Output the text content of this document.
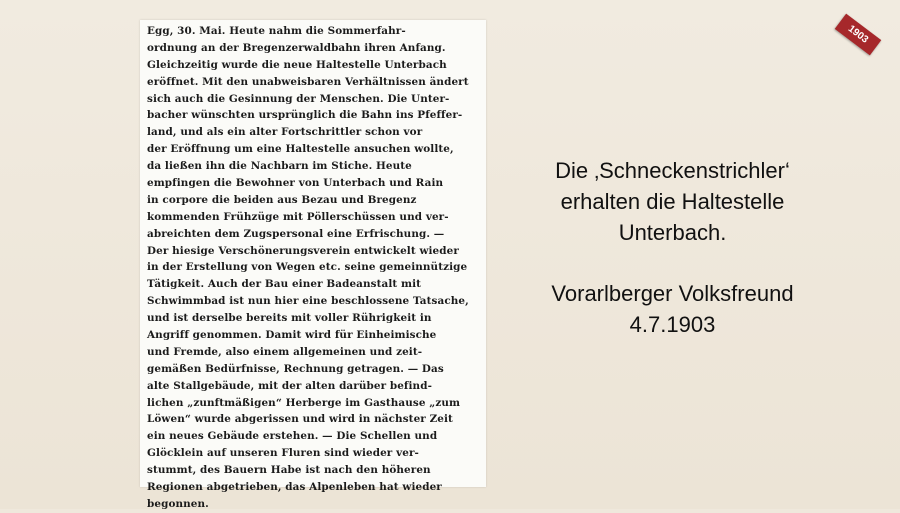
Egg, 30. Mai. Heute nahm die Sommerfahr-
ordnung an der Bregenzerwaldbahn ihren Anfang.
Gleichzeitig wurde die neue Haltestelle Unterbach
eröffnet. Mit den unabweisbaren Verhältnissen ändert
sich auch die Gesinnung der Menschen. Die Unter-
bacher wünschten ursprünglich die Bahn ins Pfeffer-
land, und als ein alter Fortschrittler schon vor
der Eröffnung um eine Haltestelle ansuchen wollte,
da ließen ihn die Nachbarn im Stiche. Heute
empfingen die Bewohner von Unterbach und Rain
in corpore die beiden aus Bezau und Bregenz
kommenden Frühzüge mit Pöllerschüssen und ver-
abreichten dem Zugspersonal eine Erfrischung. —
Der hiesige Verschönerungsverein entwickelt wieder
in der Erstellung von Wegen etc. seine gemeinnützige
Tätigkeit. Auch der Bau einer Badeanstalt mit
Schwimmbad ist nun hier eine beschlossene Tatsache,
und ist derselbe bereits mit voller Rührigkeit in
Angriff genommen. Damit wird für Einheimische
und Fremde, also einem allgemeinen und zeit-
gemäßen Bedürfnisse, Rechnung getragen. — Das
alte Stallgebäude, mit der alten darüber befind-
lichen „zunftmäßigen“ Herberge im Gasthause „zum
Löwen“ wurde abgerissen und wird in nächster Zeit
ein neues Gebäude erstehen. — Die Schellen und
Glöcklein auf unseren Fluren sind wieder ver-
stummt, des Bauern Habe ist nach den höheren
Regionen abgetrieben, das Alpenleben hat wieder
begonnen.

Die ‚Schneckenstrichler‘
erhalten die Haltestelle
Unterbach.
Vorarlberger Volksfreund
4.7.1903
1903
